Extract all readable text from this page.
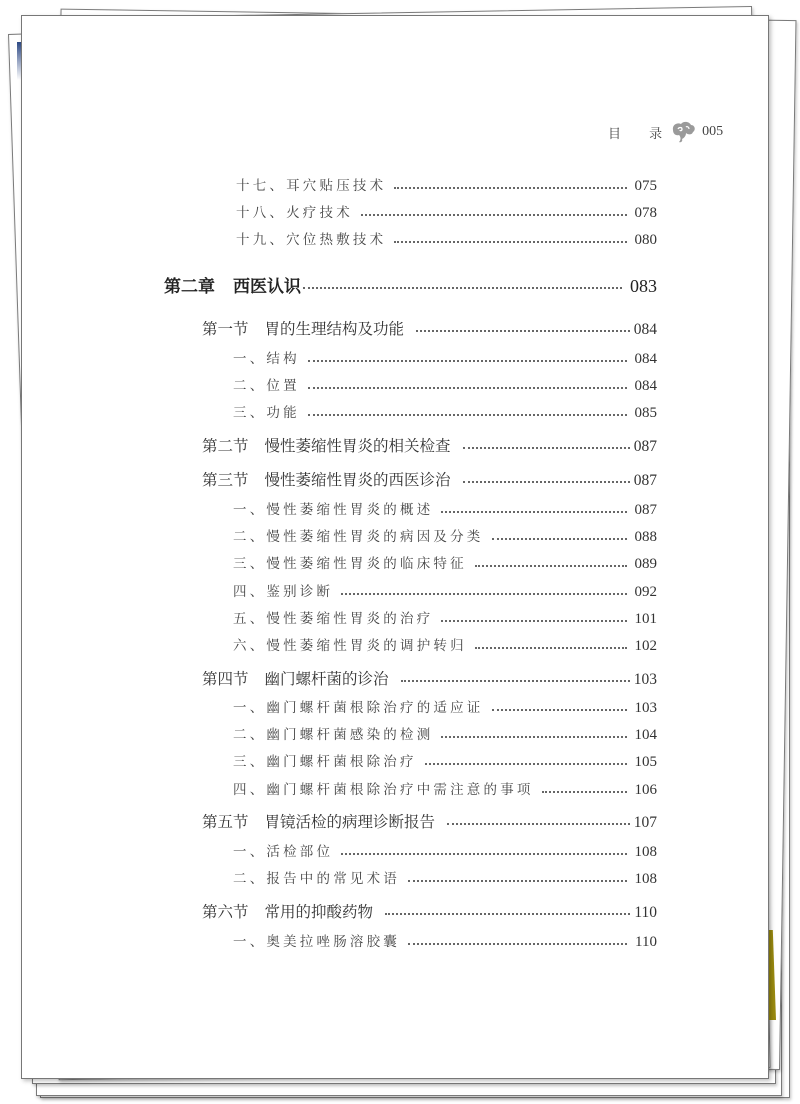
目 录 005
十七、耳穴贴压技术	075
十八、火疗技术	078
十九、穴位热敷技术	080
第二章 西医认识	083
第一节 胃的生理结构及功能	084
一、结构	084
二、位置	084
三、功能	085
第二节 慢性萎缩性胃炎的相关检查	087
第三节 慢性萎缩性胃炎的西医诊治	087
一、慢性萎缩性胃炎的概述	087
二、慢性萎缩性胃炎的病因及分类	088
三、慢性萎缩性胃炎的临床特征	089
四、鉴别诊断	092
五、慢性萎缩性胃炎的治疗	101
六、慢性萎缩性胃炎的调护转归	102
第四节 幽门螺杆菌的诊治	103
一、幽门螺杆菌根除治疗的适应证	103
二、幽门螺杆菌感染的检测	104
三、幽门螺杆菌根除治疗	105
四、幽门螺杆菌根除治疗中需注意的事项	106
第五节 胃镜活检的病理诊断报告	107
一、活检部位	108
二、报告中的常见术语	108
第六节 常用的抑酸药物	110
一、奥美拉唑肠溶胶囊	110
